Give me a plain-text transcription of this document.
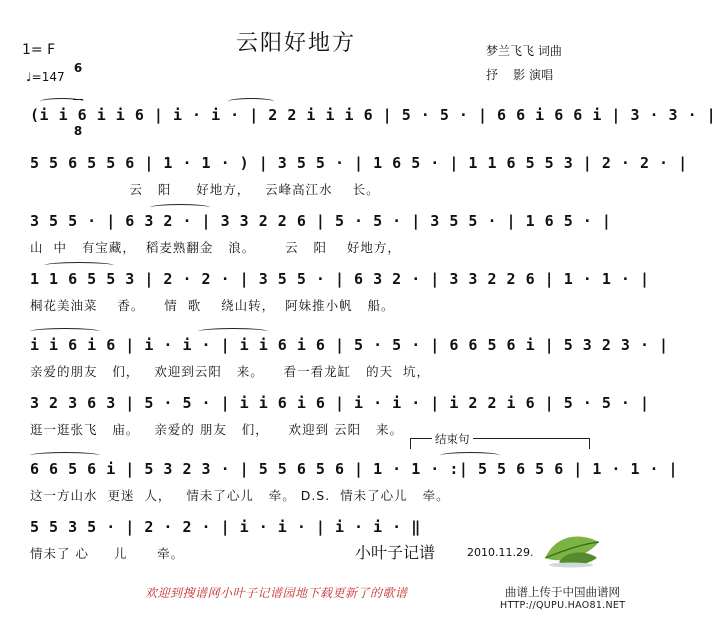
云阳好地方
1= F

6

8

♩=147
梦兰飞飞 词曲
抒    影 演唱
(i i 6 i i 6 | i · i · | 2 2 i i i 6 | 5 · 5 · | 6 6 i 6 6 i | 3 · 3 · |
5 5 6 5 5 6 | 1 · 1 · ) | 3 5 5 · | 1 6 5 · | 1 1 6 5 5 3 | 2 · 2 · |
云   阳     好地方，   云峰高江水    长。
3 5 5 · | 6 3 2 · | 3 3 2 2 6 | 5 · 5 · | 3 5 5 · | 1 6 5 · |
山  中   有宝藏，  稻麦熟翻金   浪。      云   阳    好地方，
1 1 6 5 5 3 | 2 · 2 · | 3 5 5 · | 6 3 2 · | 3 3 2 2 6 | 1 · 1 · |
桐花美油菜    香。    情  歌    绕山转，  阿妹推小帆   船。
i i 6 i 6 | i · i · | i i 6 i 6 | 5 · 5 · | 6 6 5 6 i | 5 3 2 3 · |
亲爱的朋友   们，   欢迎到云阳   来。    看一看龙缸   的天  坑，
3 2 3 6 3 | 5 · 5 · | i i 6 i 6 | i · i · | i 2 2 i 6 | 5 · 5 · |
逛一逛张飞   庙。   亲爱的 朋友   们，    欢迎到 云阳   来。
结束句
6 6 5 6 i | 5 3 2 3 · | 5 5 6 5 6 | 1 · 1 · :| 5 5 6 5 6 | 1 · 1 · |
这一方山水  更迷  人，   情未了心儿   牵。 D.S.  情未了心儿   牵。
5 5 3 5 · | 2 · 2 · | i · i · | i · i · ‖
情未了 心     儿      牵。	小叶子记谱	2010.11.29.
欢迎到搜谱网小叶子记谱园地下载更新了的歌谱	曲谱上传于中国曲谱网
HTTP://QUPU.HAO81.NET
